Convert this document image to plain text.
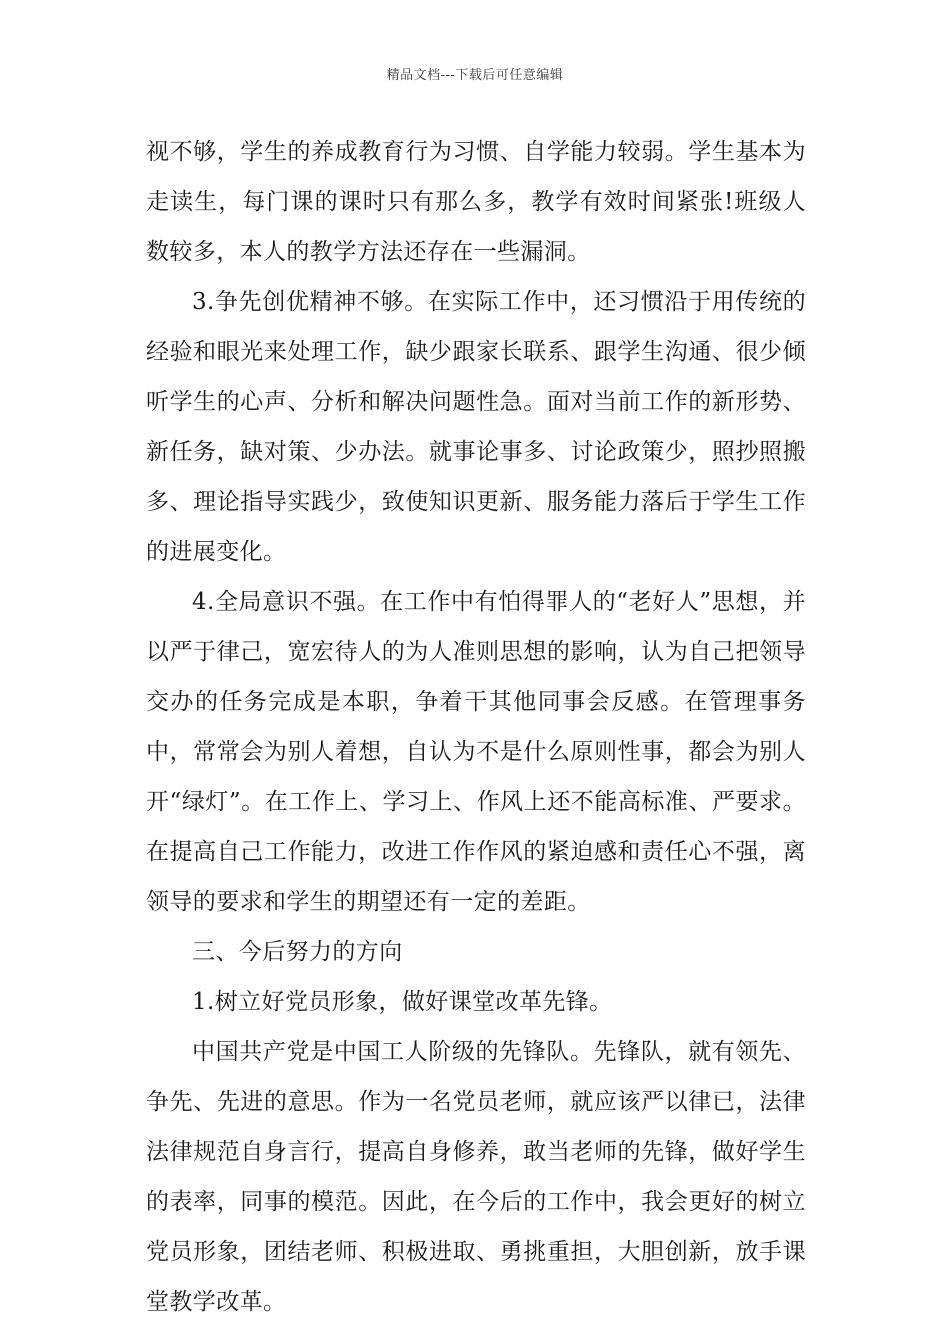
精品文档---下载后可任意编辑

视不够，学生的养成教育行为习惯、自学能力较弱。学生基本为走读生，每门课的课时只有那么多，教学有效时间紧张!班级人数较多，本人的教学方法还存在一些漏洞。

3.争先创优精神不够。在实际工作中，还习惯沿于用传统的经验和眼光来处理工作，缺少跟家长联系、跟学生沟通、很少倾听学生的心声、分析和解决问题性急。面对当前工作的新形势、新任务，缺对策、少办法。就事论事多、讨论政策少，照抄照搬多、理论指导实践少，致使知识更新、服务能力落后于学生工作的进展变化。

4.全局意识不强。在工作中有怕得罪人的“老好人”思想，并以严于律己，宽宏待人的为人准则思想的影响，认为自己把领导交办的任务完成是本职，争着干其他同事会反感。在管理事务中，常常会为别人着想，自认为不是什么原则性事，都会为别人开“绿灯”。在工作上、学习上、作风上还不能高标准、严要求。在提高自己工作能力，改进工作作风的紧迫感和责任心不强，离领导的要求和学生的期望还有一定的差距。

三、今后努力的方向

1.树立好党员形象，做好课堂改革先锋。

中国共产党是中国工人阶级的先锋队。先锋队，就有领先、争先、先进的意思。作为一名党员老师，就应该严以律已，法律法律规范自身言行，提高自身修养，敢当老师的先锋，做好学生的表率，同事的模范。因此，在今后的工作中，我会更好的树立党员形象，团结老师、积极进取、勇挑重担，大胆创新，放手课堂教学改革。
